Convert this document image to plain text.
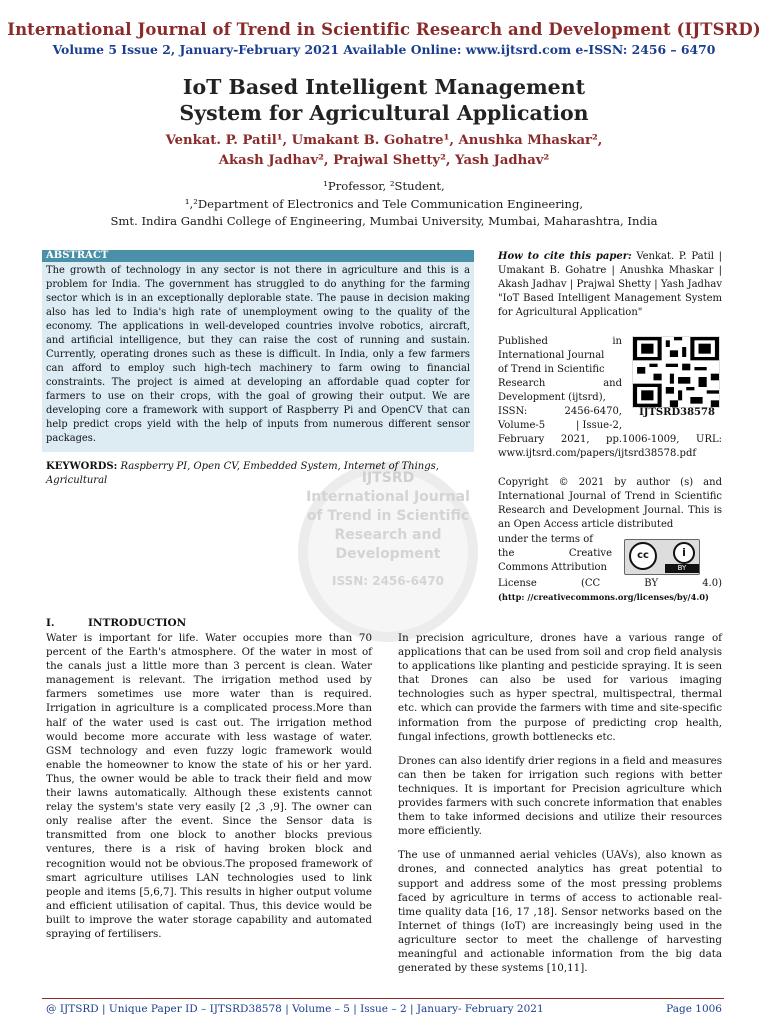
International Journal of Trend in Scientific Research and Development (IJTSRD)
Volume 5 Issue 2, January-February 2021 Available Online: www.ijtsrd.com e-ISSN: 2456 – 6470
IoT Based Intelligent Management
System for Agricultural Application
Venkat. P. Patil¹, Umakant B. Gohatre¹, Anushka Mhaskar²,
Akash Jadhav², Prajwal Shetty², Yash Jadhav²
¹Professor, ²Student,
¹,²Department of Electronics and Tele Communication Engineering,
Smt. Indira Gandhi College of Engineering, Mumbai University, Mumbai, Maharashtra, India
ABSTRACT
The growth of technology in any sector is not there in agriculture and this is a problem for India. The government has struggled to do anything for the farming sector which is in an exceptionally deplorable state. The pause in decision making also has led to India's high rate of unemployment owing to the quality of the economy. The applications in well-developed countries involve robotics, aircraft, and artificial intelligence, but they can raise the cost of running and sustain. Currently, operating drones such as these is difficult. In India, only a few farmers can afford to employ such high-tech machinery to farm owing to financial constraints. The project is aimed at developing an affordable quad copter for farmers to use on their crops, with the goal of growing their output. We are developing core a framework with support of Raspberry Pi and OpenCV that can help predict crops yield with the help of inputs from numerous different sensor packages.
IJTSRD
International Journal
of Trend in Scientific
Research and
Development
ISSN: 2456-6470
KEYWORDS: Raspberry PI, Open CV, Embedded System, Internet of Things, Agricultural
How to cite this paper: Venkat. P. Patil | Umakant B. Gohatre | Anushka Mhaskar | Akash Jadhav | Prajwal Shetty | Yash Jadhav "IoT Based Intelligent Management System for Agricultural Application"
Published	in
International Journal
of Trend in Scientific
Research	and
Development (ijtsrd),
ISSN:	2456-6470,
Volume-5	| Issue-2,
IJTSRD38578
February 2021, pp.1006-1009, URL: www.ijtsrd.com/papers/ijtsrd38578.pdf
Copyright © 2021 by author (s) and International Journal of Trend in Scientific Research and Development Journal. This is an Open Access article distributed
under the terms of
the	Creative
Commons Attribution
cc	i
BY
License	(CC	BY	4.0)
(http: //creativecommons.org/licenses/by/4.0)
I.	INTRODUCTION

Water is important for life. Water occupies more than 70 percent of the Earth's atmosphere. Of the water in most of the canals just a little more than 3 percent is clean. Water management is relevant. The irrigation method used by farmers sometimes use more water than is required. Irrigation in agriculture is a complicated process.More than half of the water used is cast out. The irrigation method would become more accurate with less wastage of water. GSM technology and even fuzzy logic framework would enable the homeowner to know the state of his or her yard. Thus, the owner would be able to track their field and mow their lawns automatically. Although these existents cannot relay the system's state very easily [2 ,3 ,9]. The owner can only realise after the event. Since the Sensor data is transmitted from one block to another blocks previous ventures, there is a risk of having broken block and recognition would not be obvious.The proposed framework of smart agriculture utilises LAN technologies used to link people and items [5,6,7]. This results in higher output volume and efficient utilisation of capital. Thus, this device would be built to improve the water storage capability and automated spraying of fertilisers.

In precision agriculture, drones have a various range of applications that can be used from soil and crop field analysis to applications like planting and pesticide spraying. It is seen that Drones can also be used for various imaging technologies such as hyper spectral, multispectral, thermal etc. which can provide the farmers with time and site-specific information from the purpose of predicting crop health, fungal infections, growth bottlenecks etc.

Drones can also identify drier regions in a field and measures can then be taken for irrigation such regions with better techniques. It is important for Precision agriculture which provides farmers with such concrete information that enables them to take informed decisions and utilize their resources more efficiently.

The use of unmanned aerial vehicles (UAVs), also known as drones, and connected analytics has great potential to support and address some of the most pressing problems faced by agriculture in terms of access to actionable real-time quality data [16, 17 ,18]. Sensor networks based on the Internet of things (IoT) are increasingly being used in the agriculture sector to meet the challenge of harvesting meaningful and actionable information from the big data generated by these systems [10,11].

@ IJTSRD | Unique Paper ID – IJTSRD38578 | Volume – 5 | Issue – 2 | January- February 2021	Page 1006
